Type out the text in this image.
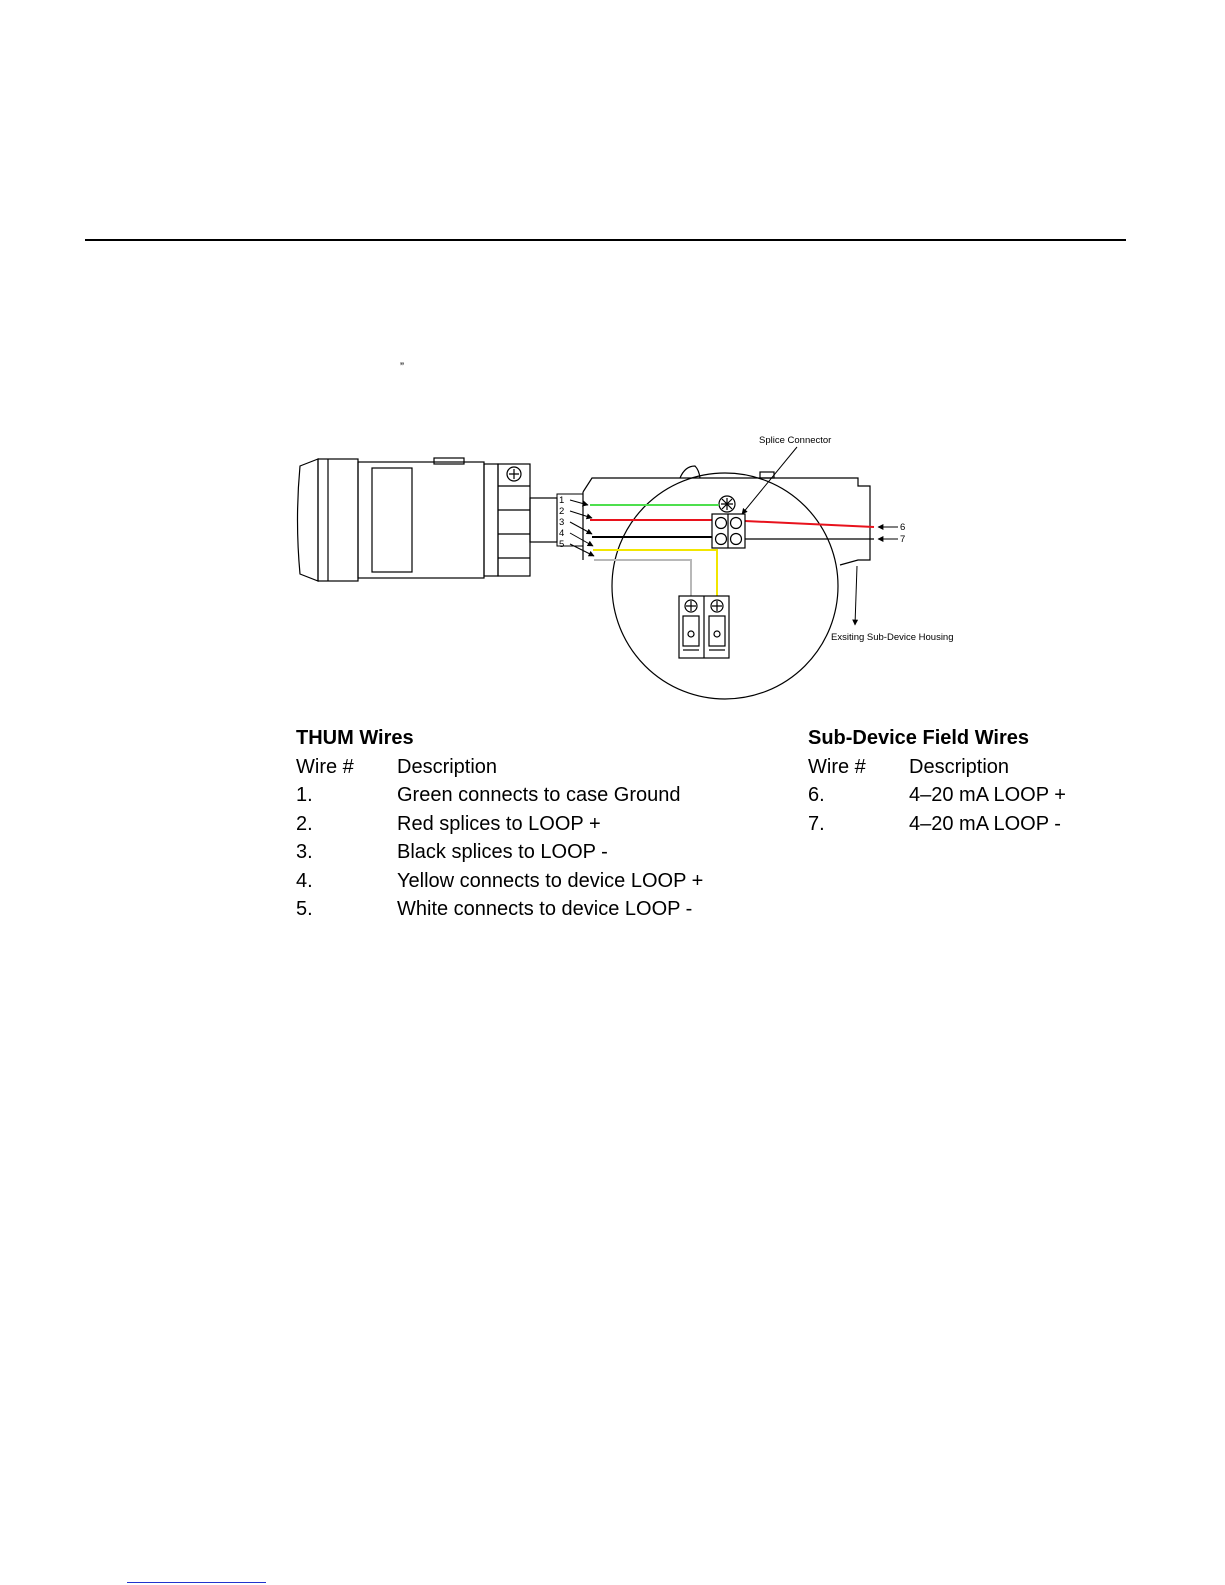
”
1
2
3
4
5
6
7
Splice Connector
Exsiting Sub-Device Housing
THUM Wires
Wire #	Description
1.	Green connects to case Ground
2.	Red splices to LOOP +
3.	Black splices to LOOP -
4.	Yellow connects to device LOOP +
5.	White connects to device LOOP -
Sub-Device Field Wires
Wire #	Description
6.	4–20 mA LOOP +
7.	4–20 mA LOOP -
